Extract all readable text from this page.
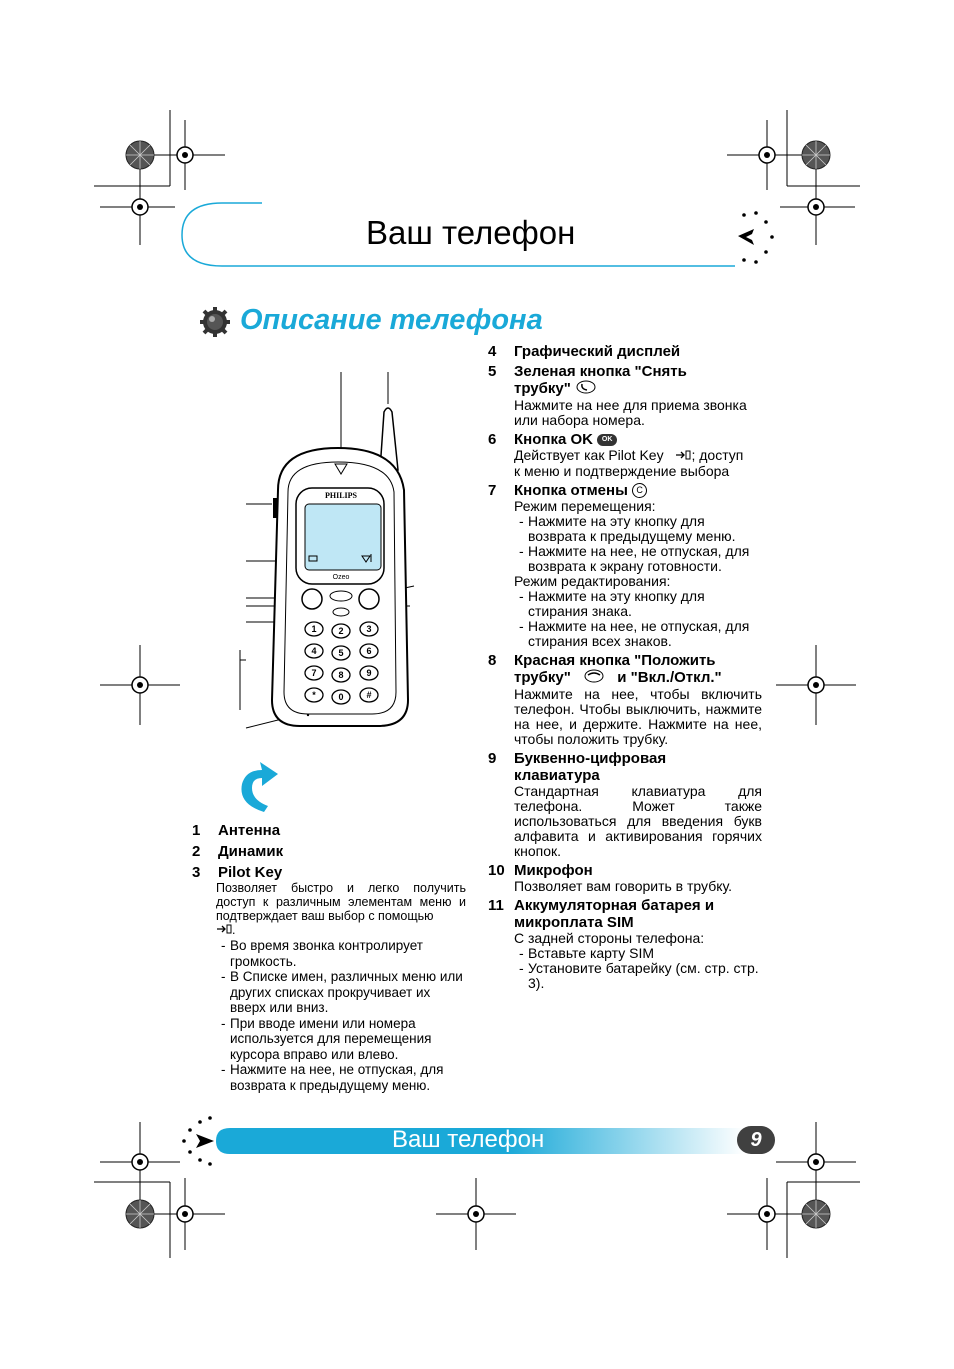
Ваш телефон
Описание телефона
1 2	3
4 5	6
7 8	9
*	0	#
PHILIPS
Ozeo
1 Антенна
2 Динамик
3 Pilot Key

Позволяет быстро и легко получить доступ к различным элементам меню и подтверждает ваш выбор с помощью

.

- Во время звонка контролирует громкость.
- В Списке имен, различных меню или других списках прокручивает их вверх или вниз.
- При вводе имени или номера используется для перемещения курсора вправо или влево.
- Нажмите на нее, не отпуская, для возврата к предыдущему меню.
4 Графический дисплей
5 Зеленая кнопка "Снять
трубку"

Нажмите на нее для приема звонка или набора номера.

6 Кнопка OK OK

Действует как Pilot Key ; доступ

к меню и подтверждение выбора

7 Кнопка отмены C

Режим перемещения:

- Нажмите на эту кнопку для возврата к предыдущему меню.
- Нажмите на нее, не отпуская, для возврата к экрану готовности.

Режим редактирования:

- Нажмите на эту кнопку для стирания знака.
- Нажмите на нее, не отпуская, для стирания всех знаков.
8 Красная кнопка "Положить
трубку"	и "Вкл./Откл."

Нажмите на нее, чтобы включить телефон. Чтобы выключить, нажмите на нее, и держите. Нажмите на нее, чтобы положить трубку.

9 Буквенно-цифровая
клавиатура

Стандартная клавиатура для телефона. Может также использоваться для введения букв алфавита и активирования горячих кнопок.

10 Микрофон

Позволяет вам говорить в трубку.

11 Аккумуляторная батарея и
микроплата SIM

С задней стороны телефона:

- Вставьте карту SIM
- Установите батарейку (см. стр. стр. 3).
Ваш телефон	9
